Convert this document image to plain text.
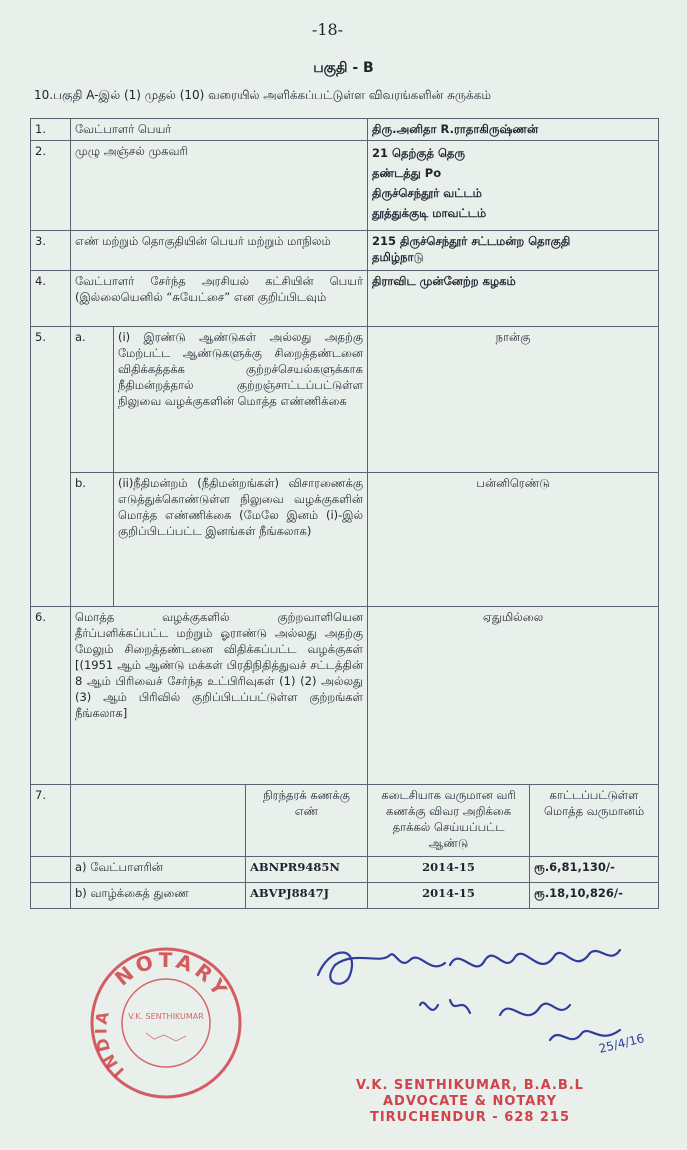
-18-
பகுதி - B
10.பகுதி A-இல் (1) முதல் (10) வரையில் அளிக்கப்பட்டுள்ள விவரங்களின் சுருக்கம்
1.	வேட்பாளர் பெயர்			திரு.அனிதா R.ராதாகிருஷ்ணன்	
2.	முழு அஞ்சல் முகவரி			21 தெற்குத் தெரு
தண்டத்து Po
திருச்செந்தூர் வட்டம்
தூத்துக்குடி மாவட்டம்	

3.	எண் மற்றும் தொகுதியின் பெயர் மற்றும் மாநிலம்			215 திருச்செந்தூர் சட்டமன்ற தொகுதி
தமிழ்நாடு	

4.	வேட்பாளர் சேர்ந்த அரசியல் கட்சியின் பெயர் (இல்லையெனில் “சுயேட்சை” என குறிப்பிடவும்			திராவிட முன்னேற்ற கழகம்	
5.	a.	(i) இரண்டு ஆண்டுகள் அல்லது அதற்கு மேற்பட்ட ஆண்டுகளுக்கு சிறைத்தண்டனை விதிக்கத்தக்க குற்றச்செயல்களுக்காக நீதிமன்றத்தால் குற்றஞ்சாட்டப்பட்டுள்ள நிலுவை வழக்குகளின் மொத்த எண்ணிக்கை		நான்கு	
	b.	(ii)நீதிமன்றம் (நீதிமன்றங்கள்) விசாரணைக்கு எடுத்துக்கொண்டுள்ள நிலுவை வழக்குகளின் மொத்த எண்ணிக்கை (மேலே இனம் (i)-இல் குறிப்பிடப்பட்ட இனங்கள் நீங்கலாக)		பன்னிரெண்டு	
6.	மொத்த வழக்குகளில் குற்றவாளியென தீர்ப்பளிக்கப்பட்ட மற்றும் ஓராண்டு அல்லது அதற்கு மேலும் சிறைத்தண்டனை விதிக்கப்பட்ட வழக்குகள் [(1951 ஆம் ஆண்டு மக்கள் பிரதிநிதித்துவச் சட்டத்தின் 8 ஆம் பிரிவைச் சேர்ந்த உட்பிரிவுகள் (1) (2) அல்லது (3) ஆம் பிரிவில் குறிப்பிடப்பட்டுள்ள குற்றங்கள் நீங்கலாக]			ஏதுமில்லை	
7.			நிரந்தரக் கணக்கு எண்	கடைசியாக வருமான வரி கணக்கு விவர அறிக்கை தாக்கல் செய்யப்பட்ட ஆண்டு	காட்டப்பட்டுள்ள மொத்த வருமானம்
	a) வேட்பாளரின்		ABNPR9485N	2014-15	ரூ.6,81,130/-
	b) வாழ்க்கைத் துணை		ABVPJ8847J	2014-15	ரூ.18,10,826/-
NOTARY
INDIA	V.K. SENTHIKUMAR
25/4/16
V.K. SENTHIKUMAR, B.A.B.L
ADVOCATE & NOTARY
TIRUCHENDUR - 628 215
